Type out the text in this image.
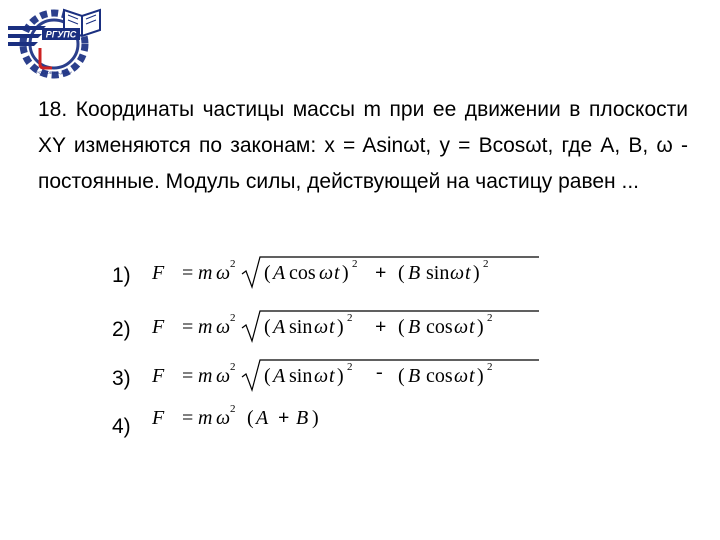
РГУПС
РОСТОВ-НА-ДОНУ

18. Координаты частицы массы m при ее движении в плоскости XY изменяются по законам: x = Asinωt, y = Bcosωt, где A, B, ω - постоянные. Модуль силы, действующей на частицу равен ...

1) F = m ω 2 ( A cos ω t ) 2 + ( B sin ω t ) 2
2) F = m ω 2 ( A sin ω t ) 2 + ( B cos ω t ) 2
3) F = m ω 2 ( A sin ω t ) 2 - ( B cos ω t ) 2
4) F = m ω 2 ( A + B )
